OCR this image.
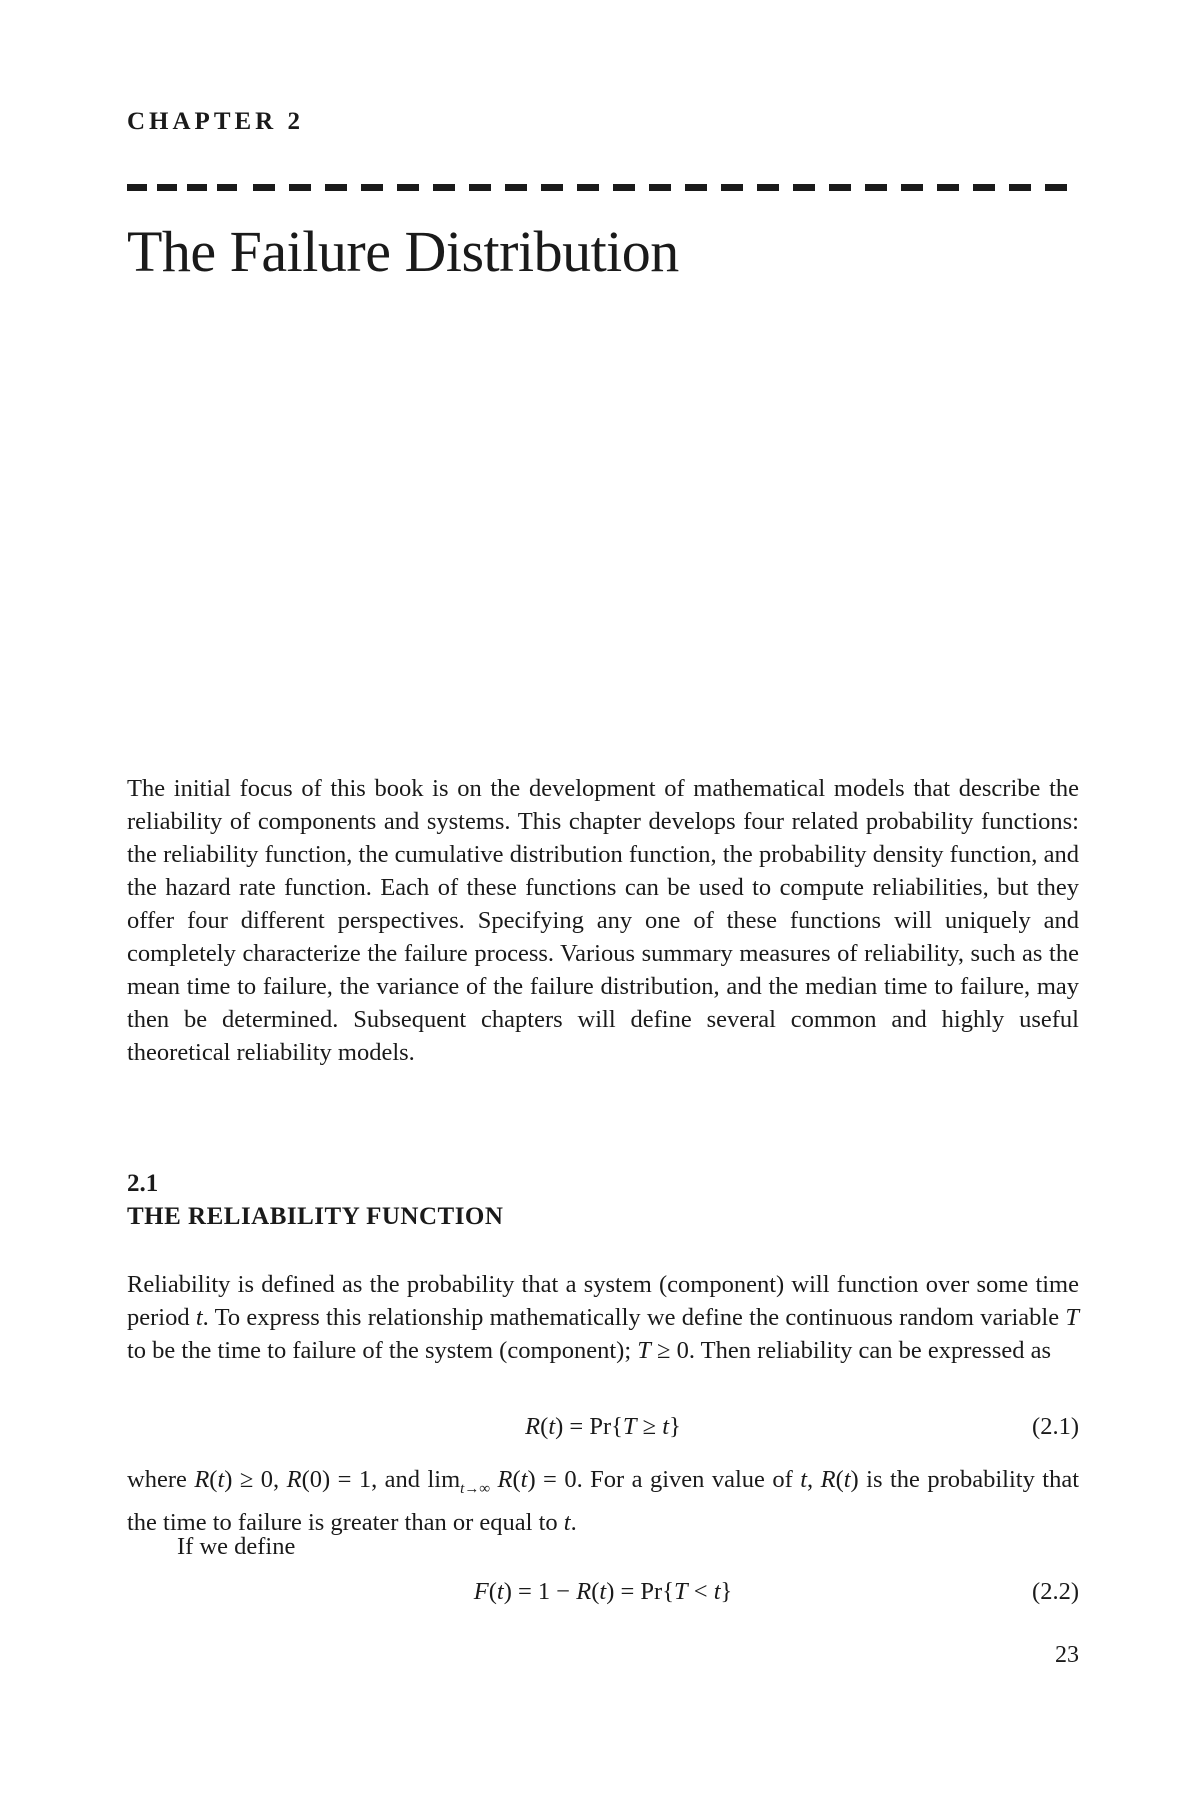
CHAPTER 2
The Failure Distribution

The initial focus of this book is on the development of mathematical models that describe the reliability of components and systems. This chapter develops four related probability functions: the reliability function, the cumulative distribution function, the probability density function, and the hazard rate function. Each of these functions can be used to compute reliabilities, but they offer four different perspectives. Specifying any one of these functions will uniquely and completely characterize the failure process. Various summary measures of reliability, such as the mean time to failure, the variance of the failure distribution, and the median time to failure, may then be determined. Subsequent chapters will define several common and highly useful theoretical reliability models.

2.1
THE RELIABILITY FUNCTION

Reliability is defined as the probability that a system (component) will function over some time period t. To express this relationship mathematically we define the continuous random variable T to be the time to failure of the system (component); T ≥ 0. Then reliability can be expressed as

R(t) = Pr{T ≥ t}	(2.1)

where R(t) ≥ 0, R(0) = 1, and $\lim_{t\to\infty} R(t) = 0$. For a given value of t, R(t) is the probability that the time to failure is greater than or equal to t.

If we define

F(t) = 1 − R(t) = Pr{T < t}	(2.2)
23
